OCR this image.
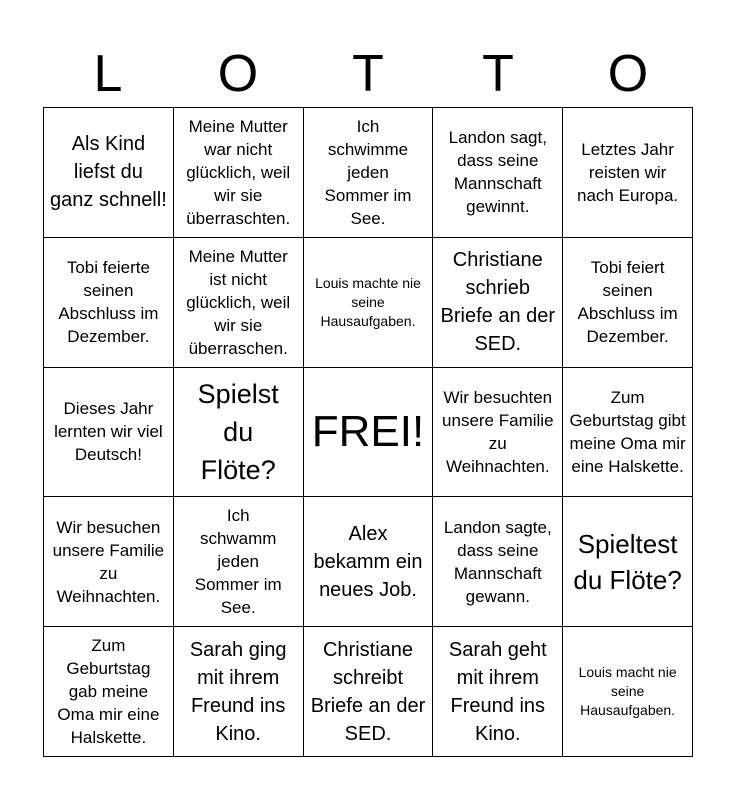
L	O	T	T	O
Als Kind liefst du ganz schnell!
Meine Mutter war nicht glücklich, weil wir sie überraschten.
Ich schwimme jeden Sommer im See.
Landon sagt, dass seine Mannschaft gewinnt.
Letztes Jahr reisten wir nach Europa.
Tobi feierte seinen Abschluss im Dezember.
Meine Mutter ist nicht glücklich, weil wir sie überraschen.
Louis machte nie seine Hausaufgaben.
Christiane schrieb Briefe an der SED.
Tobi feiert seinen Abschluss im Dezember.
Dieses Jahr lernten wir viel Deutsch!
Spielst du Flöte?
FREI!
Wir besuchten unsere Familie zu Weihnachten.
Zum Geburtstag gibt meine Oma mir eine Halskette.
Wir besuchen unsere Familie zu Weihnachten.
Ich schwamm jeden Sommer im See.
Alex bekamm ein neues Job.
Landon sagte, dass seine Mannschaft gewann.
Spieltest du Flöte?
Zum Geburtstag gab meine Oma mir eine Halskette.
Sarah ging mit ihrem Freund ins Kino.
Christiane schreibt Briefe an der SED.
Sarah geht mit ihrem Freund ins Kino.
Louis macht nie seine Hausaufgaben.
